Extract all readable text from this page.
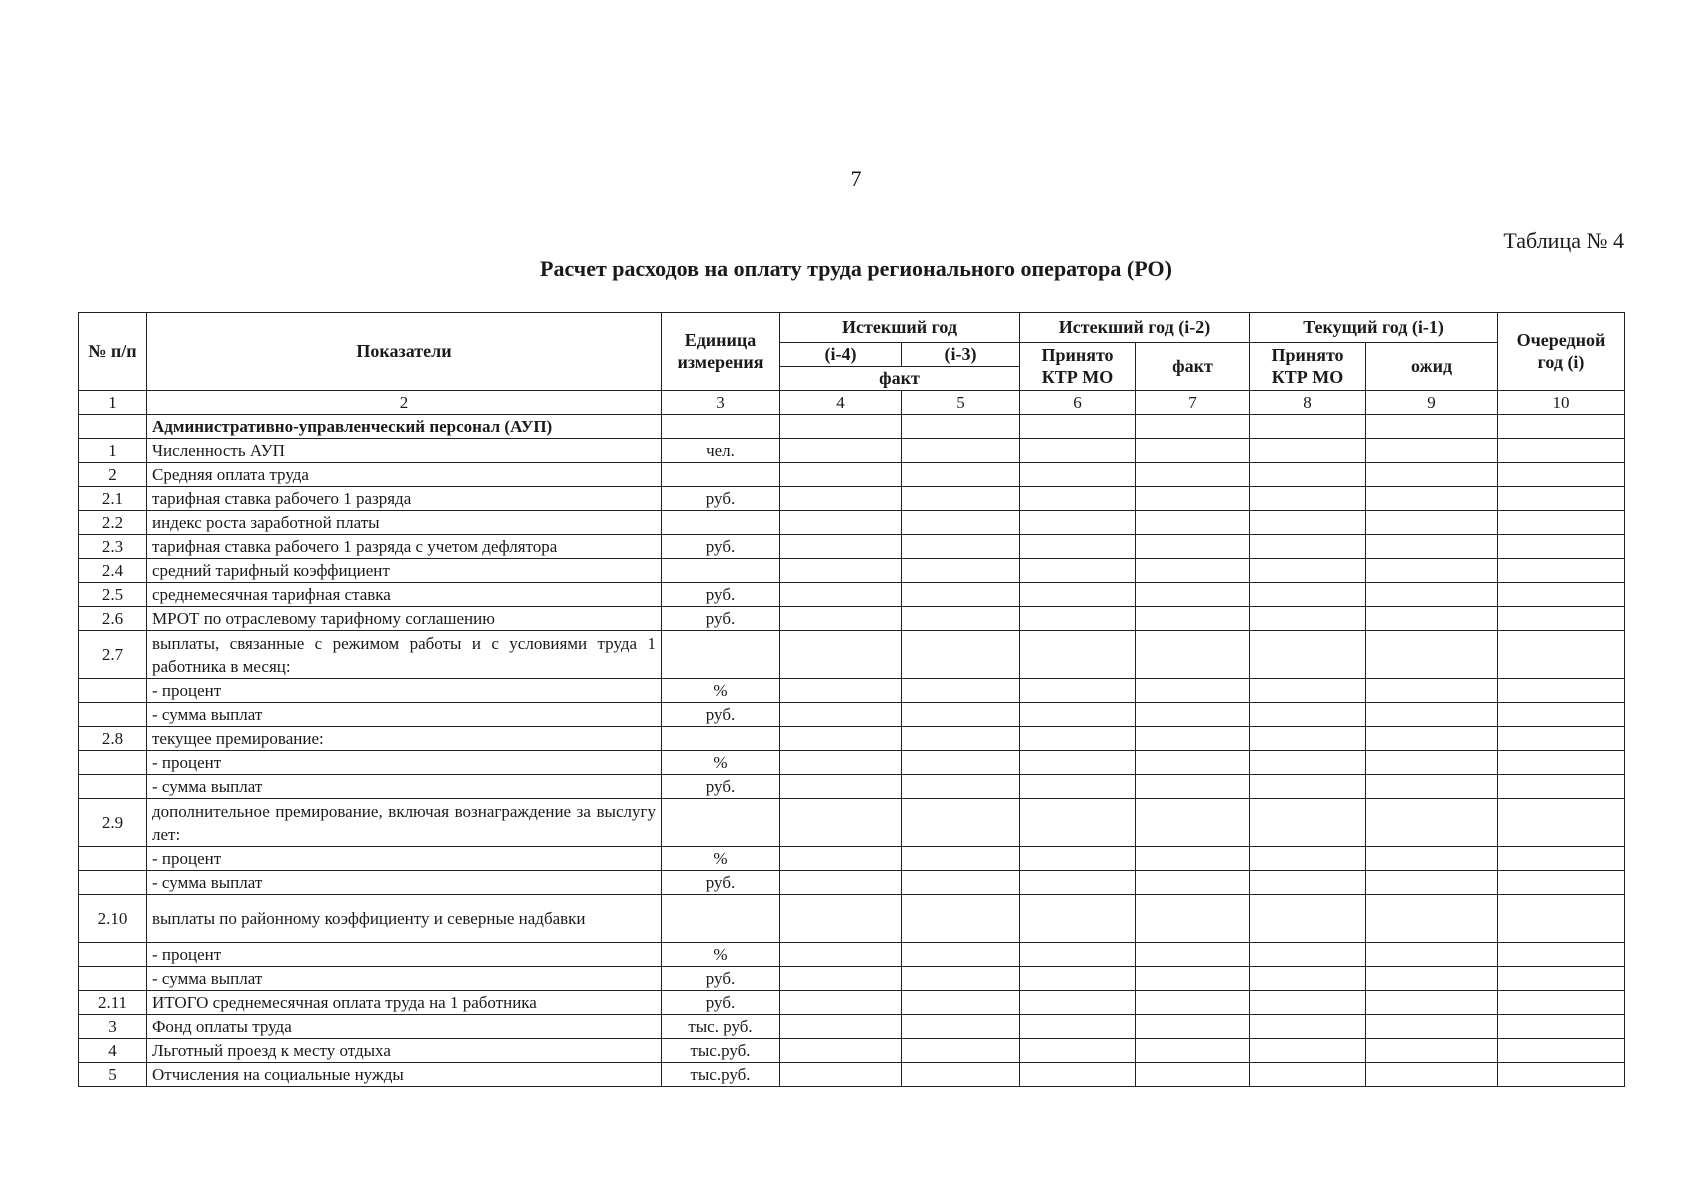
7
Таблица № 4
Расчет расходов на оплату труда регионального оператора (РО)
№ п/п	Показатели	Единица измерения	Истекший год		Истекший год (i-2)		Текущий год (i-1)		Очередной год (i)
			(i-4)	(i-3)	Принято КТР МО	факт	Принято КТР МО	ожид	
			факт						
1	2	3	4	5	6	7	8	9	10
	Административно-управленческий персонал (АУП)								
1	Численность АУП	чел.							
2	Средняя оплата труда								
2.1	тарифная ставка рабочего 1 разряда	руб.							
2.2	индекс роста заработной платы								
2.3	тарифная ставка рабочего 1 разряда с учетом дефлятора	руб.							
2.4	средний тарифный коэффициент								
2.5	среднемесячная тарифная ставка	руб.							
2.6	МРОТ по отраслевому тарифному соглашению	руб.							
2.7	выплаты, связанные с режимом работы и с условиями труда 1 работника в месяц:								
	- процент	%							
	- сумма выплат	руб.							
2.8	текущее премирование:								
	- процент	%							
	- сумма выплат	руб.							
2.9	дополнительное премирование, включая вознаграждение за выслугу лет:								
	- процент	%							
	- сумма выплат	руб.							
2.10	выплаты по районному коэффициенту и северные надбавки								
	- процент	%							
	- сумма выплат	руб.							
2.11	ИТОГО среднемесячная оплата труда на 1 работника	руб.							
3	Фонд оплаты труда	тыс. руб.							
4	Льготный проезд к месту отдыха	тыс.руб.							
5	Отчисления на социальные нужды	тыс.руб.							
